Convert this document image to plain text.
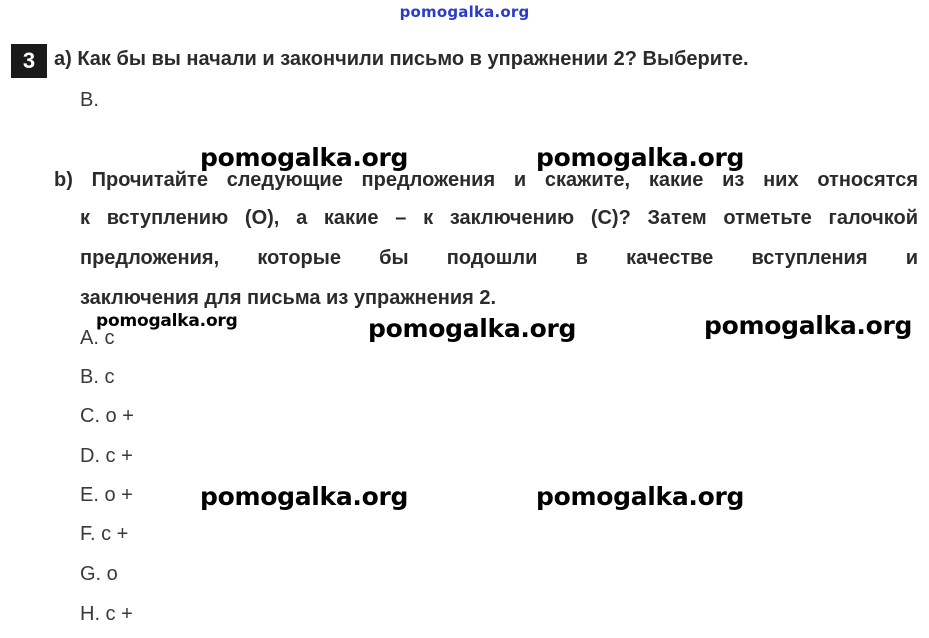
pomogalka.org
3 a) Как бы вы начали и закончили письмо в упражнении 2? Выберите.
B.
b) Прочитайте следующие предложения и скажите, какие из них относятся
к вступлению (О), а какие – к заключению (С)? Затем отметьте галочкой
предложения, которые бы подошли в качестве вступления и
заключения для письма из упражнения 2.
A. c
B. c
C. o +
D. c +
E. o +
F. c +
G. o
H. c +
pomogalka.org	pomogalka.org
pomogalka.org	pomogalka.org	pomogalka.org
pomogalka.org	pomogalka.org
